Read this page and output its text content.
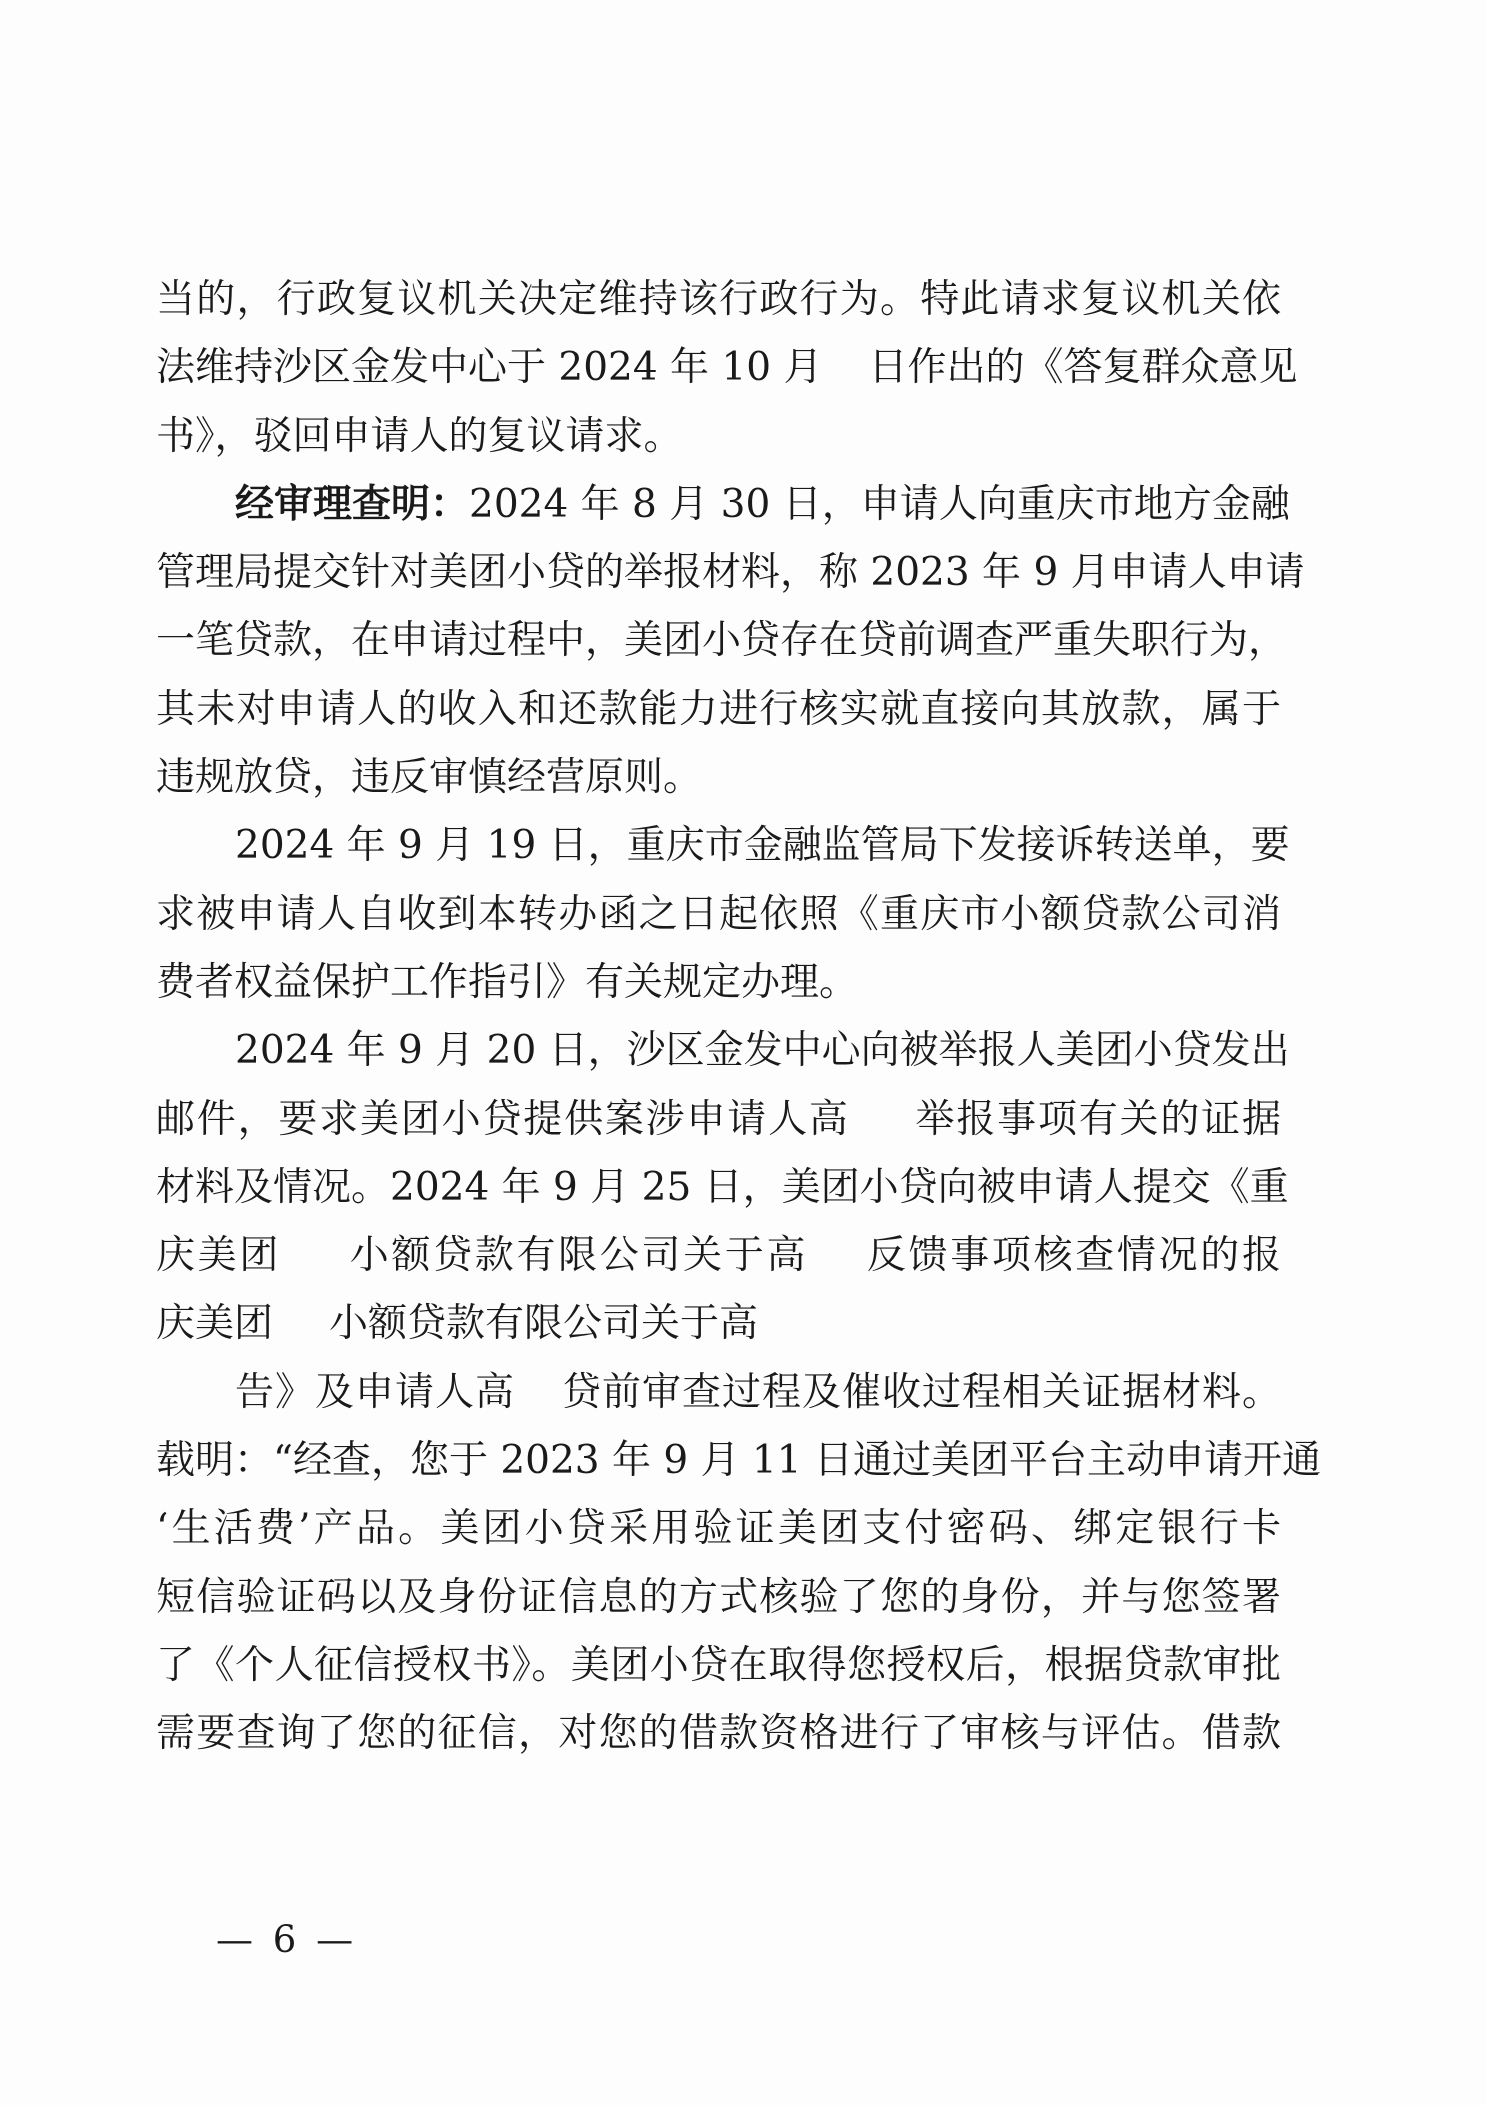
当的，行政复议机关决定维持该行政行为。特此请求复议机关依
法维持沙区金发中心于 2024 年 10 月 日作出的《答复群众意见
书》，驳回申请人的复议请求。
经审理查明：2024 年 8 月 30 日，申请人向重庆市地方金融
管理局提交针对美团小贷的举报材料，称 2023 年 9 月申请人申请
一笔贷款，在申请过程中，美团小贷存在贷前调查严重失职行为，
其未对申请人的收入和还款能力进行核实就直接向其放款，属于
违规放贷，违反审慎经营原则。
2024 年 9 月 19 日，重庆市金融监管局下发接诉转送单，要
求被申请人自收到本转办函之日起依照《重庆市小额贷款公司消
费者权益保护工作指引》有关规定办理。
2024 年 9 月 20 日，沙区金发中心向被举报人美团小贷发出
邮件，要求美团小贷提供案涉申请人高 举报事项有关的证据
材料及情况。2024 年 9 月 25 日，美团小贷向被申请人提交《重
庆美团 小额贷款有限公司关于高 反馈事项核查情况的报
庆美团 小额贷款有限公司关于高
告》及申请人高 贷前审查过程及催收过程相关证据材料。
载明：“经查，您于 2023 年 9 月 11 日通过美团平台主动申请开通
‘生活费’产品。美团小贷采用验证美团支付密码、绑定银行卡
短信验证码以及身份证信息的方式核验了您的身份，并与您签署
了《个人征信授权书》。美团小贷在取得您授权后，根据贷款审批
需要查询了您的征信，对您的借款资格进行了审核与评估。借款
— 6 —
